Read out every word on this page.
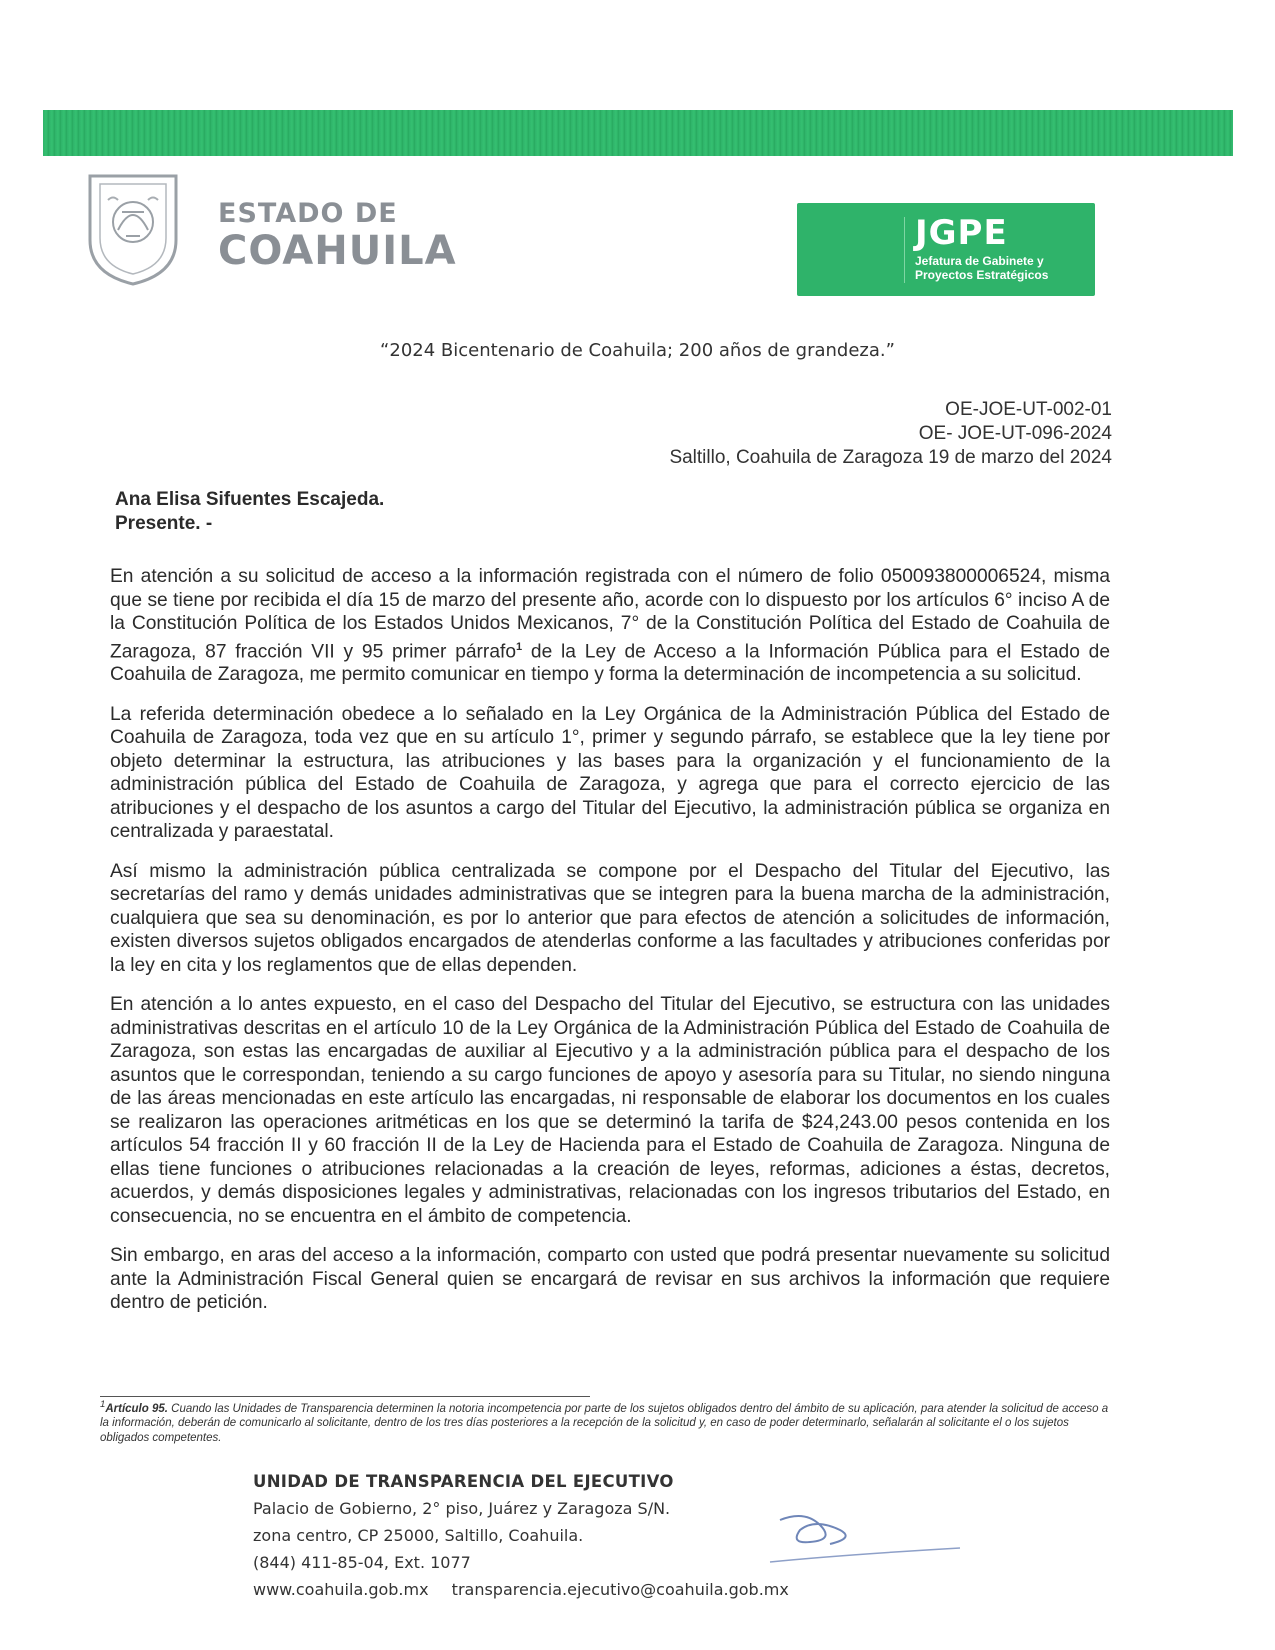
ESTADO DE
COAHUILA	JGPE
Jefatura de Gabinete y
Proyectos Estratégicos
“2024 Bicentenario de Coahuila; 200 años de grandeza.”
OE-JOE-UT-002-01
OE- JOE-UT-096-2024
Saltillo, Coahuila de Zaragoza 19 de marzo del 2024
Ana Elisa Sifuentes Escajeda.
Presente. -

En atención a su solicitud de acceso a la información registrada con el número de folio 050093800006524, misma que se tiene por recibida el día 15 de marzo del presente año, acorde con lo dispuesto por los artículos 6° inciso A de la Constitución Política de los Estados Unidos Mexicanos, 7° de la Constitución Política del Estado de Coahuila de Zaragoza, 87 fracción VII y 95 primer párrafo$^1$ de la Ley de Acceso a la Información Pública para el Estado de Coahuila de Zaragoza, me permito comunicar en tiempo y forma la determinación de incompetencia a su solicitud.

La referida determinación obedece a lo señalado en la Ley Orgánica de la Administración Pública del Estado de Coahuila de Zaragoza, toda vez que en su artículo 1°, primer y segundo párrafo, se establece que la ley tiene por objeto determinar la estructura, las atribuciones y las bases para la organización y el funcionamiento de la administración pública del Estado de Coahuila de Zaragoza, y agrega que para el correcto ejercicio de las atribuciones y el despacho de los asuntos a cargo del Titular del Ejecutivo, la administración pública se organiza en centralizada y paraestatal.

Así mismo la administración pública centralizada se compone por el Despacho del Titular del Ejecutivo, las secretarías del ramo y demás unidades administrativas que se integren para la buena marcha de la administración, cualquiera que sea su denominación, es por lo anterior que para efectos de atención a solicitudes de información, existen diversos sujetos obligados encargados de atenderlas conforme a las facultades y atribuciones conferidas por la ley en cita y los reglamentos que de ellas dependen.

En atención a lo antes expuesto, en el caso del Despacho del Titular del Ejecutivo, se estructura con las unidades administrativas descritas en el artículo 10 de la Ley Orgánica de la Administración Pública del Estado de Coahuila de Zaragoza, son estas las encargadas de auxiliar al Ejecutivo y a la administración pública para el despacho de los asuntos que le correspondan, teniendo a su cargo funciones de apoyo y asesoría para su Titular, no siendo ninguna de las áreas mencionadas en este artículo las encargadas, ni responsable de elaborar los documentos en los cuales se realizaron las operaciones aritméticas en los que se determinó la tarifa de $24,243.00 pesos contenida en los artículos 54 fracción II y 60 fracción II de la Ley de Hacienda para el Estado de Coahuila de Zaragoza. Ninguna de ellas tiene funciones o atribuciones relacionadas a la creación de leyes, reformas, adiciones a éstas, decretos, acuerdos, y demás disposiciones legales y administrativas, relacionadas con los ingresos tributarios del Estado, en consecuencia, no se encuentra en el ámbito de competencia.

Sin embargo, en aras del acceso a la información, comparto con usted que podrá presentar nuevamente su solicitud ante la Administración Fiscal General quien se encargará de revisar en sus archivos la información que requiere dentro de petición.

$^1$Artículo 95. Cuando las Unidades de Transparencia determinen la notoria incompetencia por parte de los sujetos obligados dentro del ámbito de su aplicación, para atender la solicitud de acceso a la información, deberán de comunicarlo al solicitante, dentro de los tres días posteriores a la recepción de la solicitud y, en caso de poder determinarlo, señalarán al solicitante el o los sujetos obligados competentes.
UNIDAD DE TRANSPARENCIA DEL EJECUTIVO
Palacio de Gobierno, 2° piso, Juárez y Zaragoza S/N.
zona centro, CP 25000, Saltillo, Coahuila.
(844) 411-85-04, Ext. 1077
www.coahuila.gob.mx transparencia.ejecutivo@coahuila.gob.mx
